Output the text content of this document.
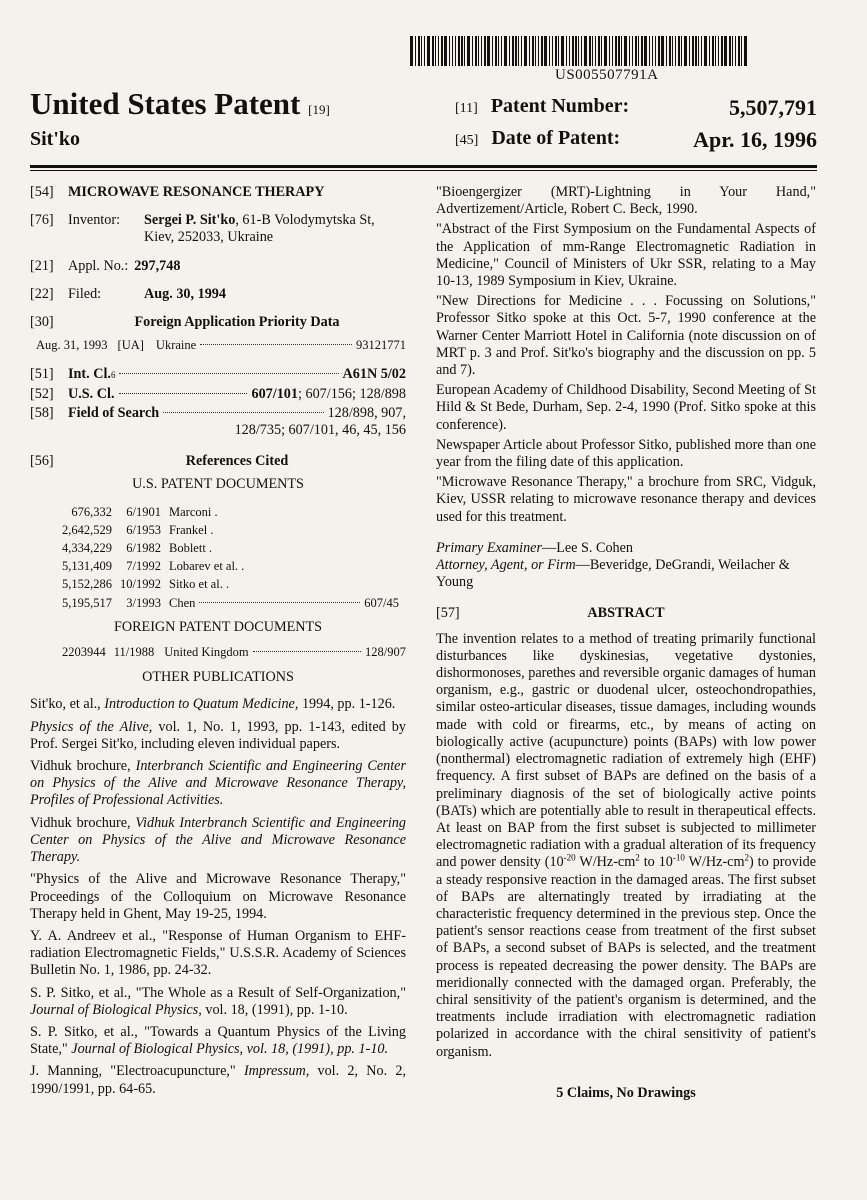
US005507791A
United States Patent [19]
Sit'ko
[11] Patent Number:	5,507,791
[45] Date of Patent:	Apr. 16, 1996
[54]	MICROWAVE RESONANCE THERAPY
[76]	Inventor:	Sergei P. Sit'ko, 61-B Volodymytska St, Kiev, 252033, Ukraine
[21]	Appl. No.: 297,748
[22]	Filed:	Aug. 30, 1994
[30]	Foreign Application Priority Data
Aug. 31, 1993 [UA] Ukraine	93121771
[51]	Int. Cl. 6	A61N 5/02
[52]	U.S. Cl.	607/101 ; 607/156; 128/898
[58]	Field of Search	128/898, 907,
128/735; 607/101, 46, 45, 156
[56]	References Cited
U.S. PATENT DOCUMENTS
676,332	6/1901	Marconi .

2,642,529	6/1953	Frankel .

4,334,229	6/1982	Boblett .

5,131,409	7/1992	Lobarev et al. .

5,152,286	10/1992	Sitko et al. .

5,195,517	3/1993	Chen 607/45
FOREIGN PATENT DOCUMENTS
2203944 11/1988 United Kingdom	128/907
OTHER PUBLICATIONS
Sit'ko, et al., Introduction to Quatum Medicine, 1994, pp. 1-126.
Physics of the Alive, vol. 1, No. 1, 1993, pp. 1-143, edited by Prof. Sergei Sit'ko, including eleven individual papers.
Vidhuk brochure, Interbranch Scientific and Engineering Center on Physics of the Alive and Microwave Resonance Therapy, Profiles of Professional Activities.
Vidhuk brochure, Vidhuk Interbranch Scientific and Engineering Center on Physics of the Alive and Microwave Resonance Therapy.
"Physics of the Alive and Microwave Resonance Therapy," Proceedings of the Colloquium on Microwave Resonance Therapy held in Ghent, May 19-25, 1994.
Y. A. Andreev et al., "Response of Human Organism to EHF-radiation Electromagnetic Fields," U.S.S.R. Academy of Sciences Bulletin No. 1, 1986, pp. 24-32.
S. P. Sitko, et al., "The Whole as a Result of Self-Organization," Journal of Biological Physics, vol. 18, (1991), pp. 1-10.
S. P. Sitko, et al., "Towards a Quantum Physics of the Living State," Journal of Biological Physics, vol. 18, (1991), pp. 1-10.
J. Manning, "Electroacupuncture," Impressum, vol. 2, No. 2, 1990/1991, pp. 64-65.
"Bioengergizer (MRT)-Lightning in Your Hand," Advertizement/Article, Robert C. Beck, 1990.
"Abstract of the First Symposium on the Fundamental Aspects of the Application of mm-Range Electromagnetic Radiation in Medicine," Council of Ministers of Ukr SSR, relating to a May 10-13, 1989 Symposium in Kiev, Ukraine.
"New Directions for Medicine . . . Focussing on Solutions," Professor Sitko spoke at this Oct. 5-7, 1990 conference at the Warner Center Marriott Hotel in California (note discussion on of MRT p. 3 and Prof. Sit'ko's biography and the discussion on pp. 5 and 7).
European Academy of Childhood Disability, Second Meeting of St Hild & St Bede, Durham, Sep. 2-4, 1990 (Prof. Sitko spoke at this conference).
Newspaper Article about Professor Sitko, published more than one year from the filing date of this application.
"Microwave Resonance Therapy," a brochure from SRC, Vidguk, Kiev, USSR relating to microwave resonance therapy and devices used for this treatment.
Primary Examiner—Lee S. Cohen
Attorney, Agent, or Firm—Beveridge, DeGrandi, Weilacher & Young
[57]	ABSTRACT
The invention relates to a method of treating primarily functional disturbances like dyskinesias, vegetative dystonies, dishormonoses, parethes and reversible organic damages of human organism, e.g., gastric or duodenal ulcer, osteochondropathies, similar osteo-articular diseases, tissue damages, including wounds made with cold or firearms, etc., by means of acting on biologically active (acupuncture) points (BAPs) with low power (nonthermal) electromagnetic radiation of extremely high (EHF) frequency. A first subset of BAPs are defined on the basis of a preliminary diagnosis of the set of biologically active points (BATs) which are potentially able to result in therapeutical effects. At least on BAP from the first subset is subjected to millimeter electromagnetic radiation with a gradual alteration of its frequency and power density ($10^{-20}$ $W/Hz-cm^2$ to $10^{-10}$ $W/Hz-cm^2$) to provide a steady responsive reaction in the damaged areas. The first subset of BAPs are alternatingly treated by irradiating at the characteristic frequency determined in the previous step. Once the patient's sensor reactions cease from treatment of the first subset of BAPs, a second subset of BAPs is selected, and the treatment process is repeated decreasing the power density. The BAPs are meridionally connected with the damaged organ. Preferably, the chiral sensitivity of the patient's organism is determined, and the treatments include irradiation with electromagnetic radiation polarized in accordance with the chiral sensitivity of patient's organism.
5 Claims, No Drawings
